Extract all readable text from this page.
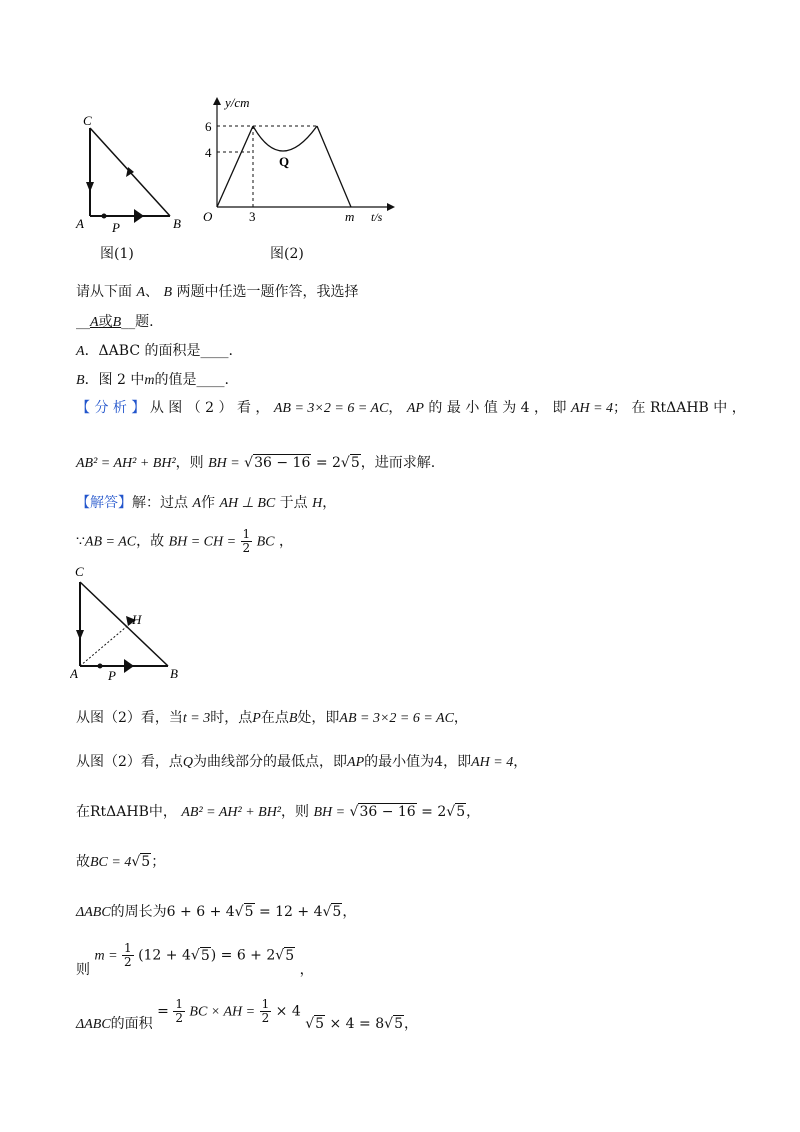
C
A	B
P
图(1)
y/cm
t/s
O
6
4
3	m
Q
图(2)
请从下面 A、 B 两题中任选一题作答，我选择
__A或B__题.
A．ΔABC 的面积是____.
B．图 2 中m的值是____.
【 分 析 】 从 图 （ 2 ） 看 ， AB = 3×2 = 6 = AC， AP 的 最 小 值 为 4 ， 即 AH = 4； 在 RtΔAHB 中 ，
AB² = AH² + BH²，则 BH = √36 − 16 = 2√5，进而求解.
【解答】解：过点 A作 AH ⊥ BC 于点 H，
∵AB = AC，故 BH = CH = $\frac{1}{2}$ BC ，
C
A	B
P
H
从图（2）看，当t = 3时，点P在点B处，即AB = 3×2 = 6 = AC，
从图（2）看，点Q为曲线部分的最低点，即AP的最小值为4，即AH = 4，
在RtΔAHB中， AB² = AH² + BH²，则 BH = √36 − 16 = 2√5，
故BC = 4√5；
ΔABC的周长为6 + 6 + 4√5 = 12 + 4√5，
则 $m = \frac{1}{2} (12 + 4√5) = 6 + 2√5$ ，
ΔABC的面积 = $\frac{1}{2}$ BC × AH = $\frac{1}{2} \times 4$ √5 × 4 = 8√5，
